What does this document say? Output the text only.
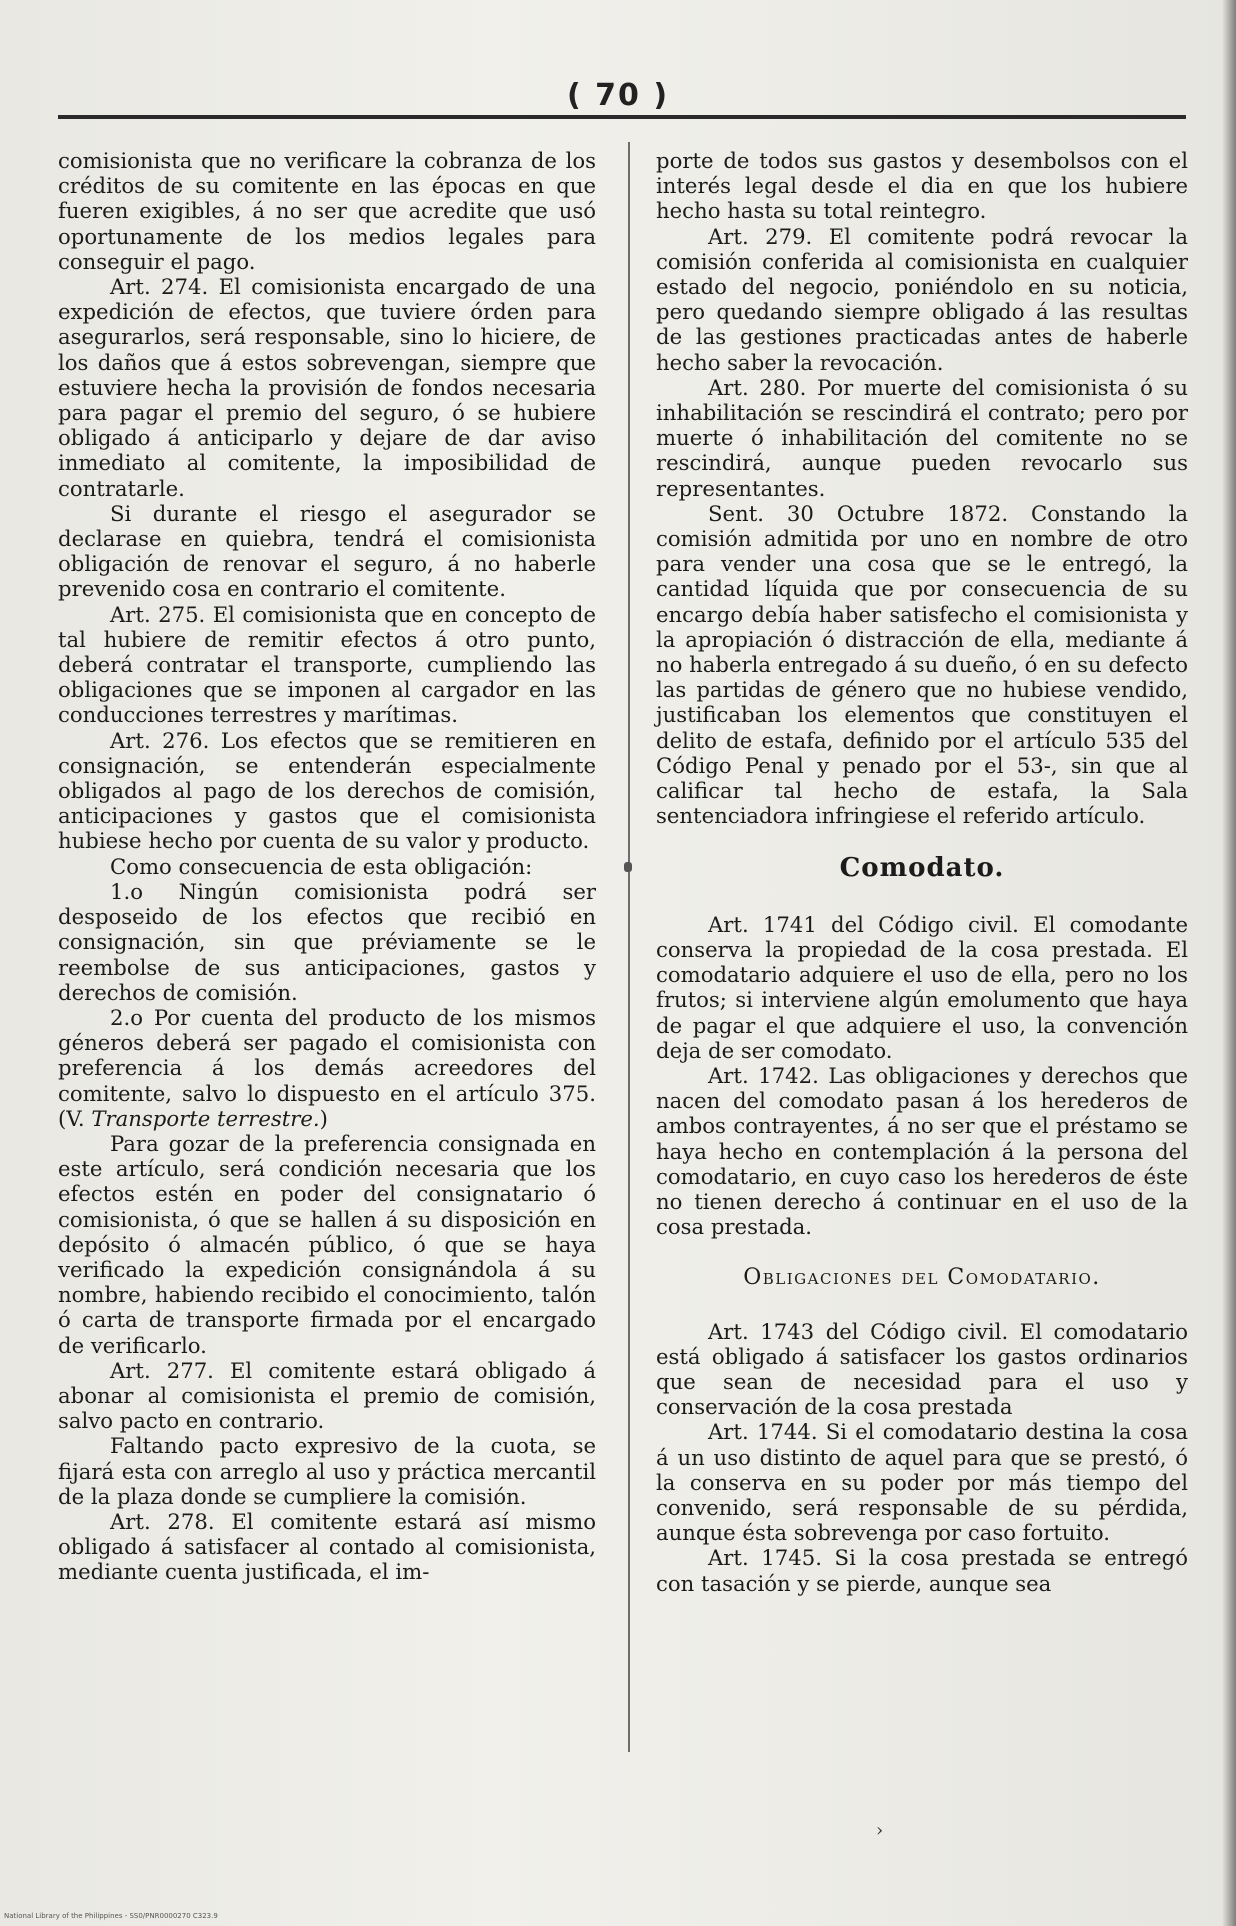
( 70 )

comisionista que no verificare la cobranza de los créditos de su comitente en las épocas en que fueren exigibles, á no ser que acredite que usó oportunamente de los medios legales para conseguir el pago.

Art. 274. El comisionista encargado de una expedición de efectos, que tuviere órden para asegurarlos, será responsable, sino lo hiciere, de los daños que á estos sobrevengan, siempre que estuviere hecha la provisión de fondos necesaria para pagar el premio del seguro, ó se hubiere obligado á anticiparlo y dejare de dar aviso inmediato al comitente, la imposibilidad de contratarle.

Si durante el riesgo el asegurador se declarase en quiebra, tendrá el comisionista obligación de renovar el seguro, á no haberle prevenido cosa en contrario el comitente.

Art. 275. El comisionista que en concepto de tal hubiere de remitir efectos á otro punto, deberá contratar el transporte, cumpliendo las obligaciones que se imponen al cargador en las conducciones terrestres y marítimas.

Art. 276. Los efectos que se remitieren en consignación, se entenderán especialmente obligados al pago de los derechos de comisión, anticipaciones y gastos que el comisionista hubiese hecho por cuenta de su valor y producto.

Como consecuencia de esta obligación:

1.o Ningún comisionista podrá ser desposeido de los efectos que recibió en consignación, sin que préviamente se le reembolse de sus anticipaciones, gastos y derechos de comisión.

2.o Por cuenta del producto de los mismos géneros deberá ser pagado el comisionista con preferencia á los demás acreedores del comitente, salvo lo dispuesto en el artículo 375. (V. Transporte terrestre.)

Para gozar de la preferencia consignada en este artículo, será condición necesaria que los efectos estén en poder del consignatario ó comisionista, ó que se hallen á su disposición en depósito ó almacén público, ó que se haya verificado la expedición consignándola á su nombre, habiendo recibido el conocimiento, talón ó carta de transporte firmada por el encargado de verificarlo.

Art. 277. El comitente estará obligado á abonar al comisionista el premio de comisión, salvo pacto en contrario.

Faltando pacto expresivo de la cuota, se fijará esta con arreglo al uso y práctica mercantil de la plaza donde se cumpliere la comisión.

Art. 278. El comitente estará así mismo obligado á satisfacer al contado al comisionista, mediante cuenta justificada, el im-

porte de todos sus gastos y desembolsos con el interés legal desde el dia en que los hubiere hecho hasta su total reintegro.

Art. 279. El comitente podrá revocar la comisión conferida al comisionista en cualquier estado del negocio, poniéndolo en su noticia, pero quedando siempre obligado á las resultas de las gestiones practicadas antes de haberle hecho saber la revocación.

Art. 280. Por muerte del comisionista ó su inhabilitación se rescindirá el contrato; pero por muerte ó inhabilitación del comitente no se rescindirá, aunque pueden revocarlo sus representantes.

Sent. 30 Octubre 1872. Constando la comisión admitida por uno en nombre de otro para vender una cosa que se le entregó, la cantidad líquida que por consecuencia de su encargo debía haber satisfecho el comisionista y la apropiación ó distracción de ella, mediante á no haberla entregado á su dueño, ó en su defecto las partidas de género que no hubiese vendido, justificaban los elementos que constituyen el delito de estafa, definido por el artículo 535 del Código Penal y penado por el 53‑, sin que al calificar tal hecho de estafa, la Sala sentenciadora infringiese el referido artículo.

Comodato.

Art. 1741 del Código civil. El comodante conserva la propiedad de la cosa prestada. El comodatario adquiere el uso de ella, pero no los frutos; si interviene algún emolumento que haya de pagar el que adquiere el uso, la convención deja de ser comodato.

Art. 1742. Las obligaciones y derechos que nacen del comodato pasan á los herederos de ambos contrayentes, á no ser que el préstamo se haya hecho en contemplación á la persona del comodatario, en cuyo caso los herederos de éste no tienen derecho á continuar en el uso de la cosa prestada.

Obligaciones del Comodatario.

Art. 1743 del Código civil. El comodatario está obligado á satisfacer los gastos ordinarios que sean de necesidad para el uso y conservación de la cosa prestada

Art. 1744. Si el comodatario destina la cosa á un uso distinto de aquel para que se prestó, ó la conserva en su poder por más tiempo del convenido, será responsable de su pérdida, aunque ésta sobrevenga por caso fortuito.

Art. 1745. Si la cosa prestada se entregó con tasación y se pierde, aunque sea

›
National Library of the Philippines - SS0/PNR0000270 C323.9
